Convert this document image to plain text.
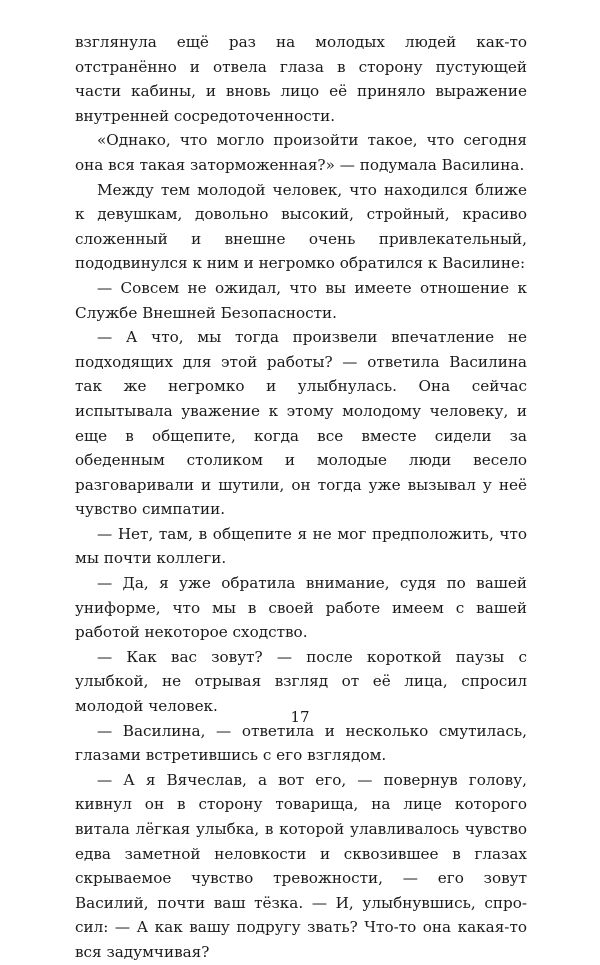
взглянула ещё раз на молодых людей как-то отстранённо и отвела глаза в сторону пустующей части кабины, и вновь лицо её приняло выражение внутренней сосредоточенности.

«Однако, что могло произойти такое, что сегодня она вся такая заторможенная?» — подумала Василина.

Между тем молодой человек, что находился ближе к девушкам, довольно высокий, стройный, красиво сложенный и внешне очень привлекательный, пододвинулся к ним и негромко обратился к Василине:

— Совсем не ожидал, что вы имеете отношение к Службе Внешней Безопасности.

— А что, мы тогда произвели впечатление не подходящих для этой работы? — ответила Василина так же негромко и улыбнулась. Она сейчас испытывала уважение к этому молодому человеку, и еще в общепите, когда все вместе сидели за обеденным столиком и молодые люди весело разговаривали и шутили, он тогда уже вызывал у неё чувство симпатии.

— Нет, там, в общепите я не мог предположить, что мы почти коллеги.

— Да, я уже обратила внимание, судя по вашей униформе, что мы в своей работе имеем с вашей работой некоторое сходство.

— Как вас зовут? — после короткой паузы с улыбкой, не отрывая взгляд от её лица, спросил молодой человек.

— Василина, — ответила и несколько смутилась, глазами встретившись с его взглядом.

— А я Вячеслав, а вот его, — повернув голову, кивнул он в сторону товарища, на лице которого витала лёгкая улыбка, в которой улавливалось чувство едва заметной неловкости и сквозившее в глазах скрываемое чувство тревожности, — его зовут Василий, почти ваш тёзка. — И, улыбнувшись, спросил: — А как вашу подругу звать? Что-то она какая-то вся задумчивая?

17
